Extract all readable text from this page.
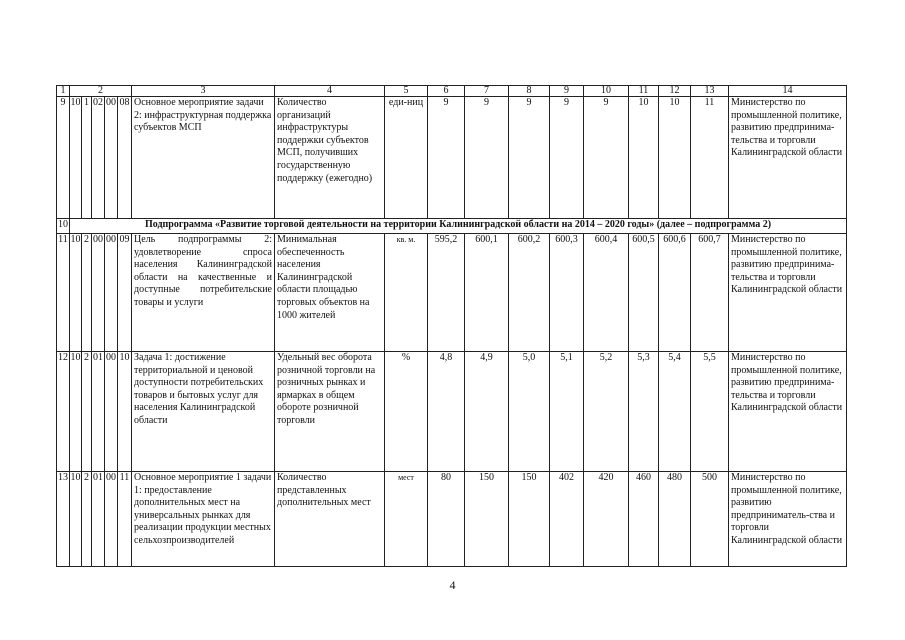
1	2					3	4	5	6	7	8	9	10	11	12	13	14
9	10	1	02	00	08	Основное мероприятие задачи 2: инфраструктурная поддержка субъектов МСП	Количество организаций инфраструктуры поддержки субъектов МСП, получивших государственную поддержку (ежегодно)	еди-ниц	9	9	9	9	9	10	10	11	Министерство по промышленной политике, развитию предпринима-тельства и торговли Калининградской области
10	Подпрограмма «Развитие торговой деятельности на территории Калининградской области на 2014 – 2020 годы» (далее – подпрограмма 2)																
11	10	2	00	00	09	Цель подпрограммы 2: удовлетворение спроса населения Калининградской области на качественные и доступные потребительские товары и услуги	Минимальная обеспеченность населения Калининградской области площадью торговых объектов на 1000 жителей	кв. м.	595,2	600,1	600,2	600,3	600,4	600,5	600,6	600,7	Министерство по промышленной политике, развитию предпринима-тельства и торговли Калининградской области
12	10	2	01	00	10	Задача 1: достижение территориальной и ценовой доступности потребительских товаров и бытовых услуг для населения Калининградской области	Удельный вес оборота розничной торговли на розничных рынках и ярмарках в общем обороте розничной торговли	%	4,8	4,9	5,0	5,1	5,2	5,3	5,4	5,5	Министерство по промышленной политике, развитию предпринима-тельства и торговли Калининградской области
13	10	2	01	00	11	Основное мероприятие 1 задачи 1: предоставление дополнительных мест на универсальных рынках для реализации продукции местных сельхозпроизводителей	Количество представленных дополнительных мест	мест	80	150	150	402	420	460	480	500	Министерство по промышленной политике, развитию предприниматель-ства и торговли Калининградской области
4
